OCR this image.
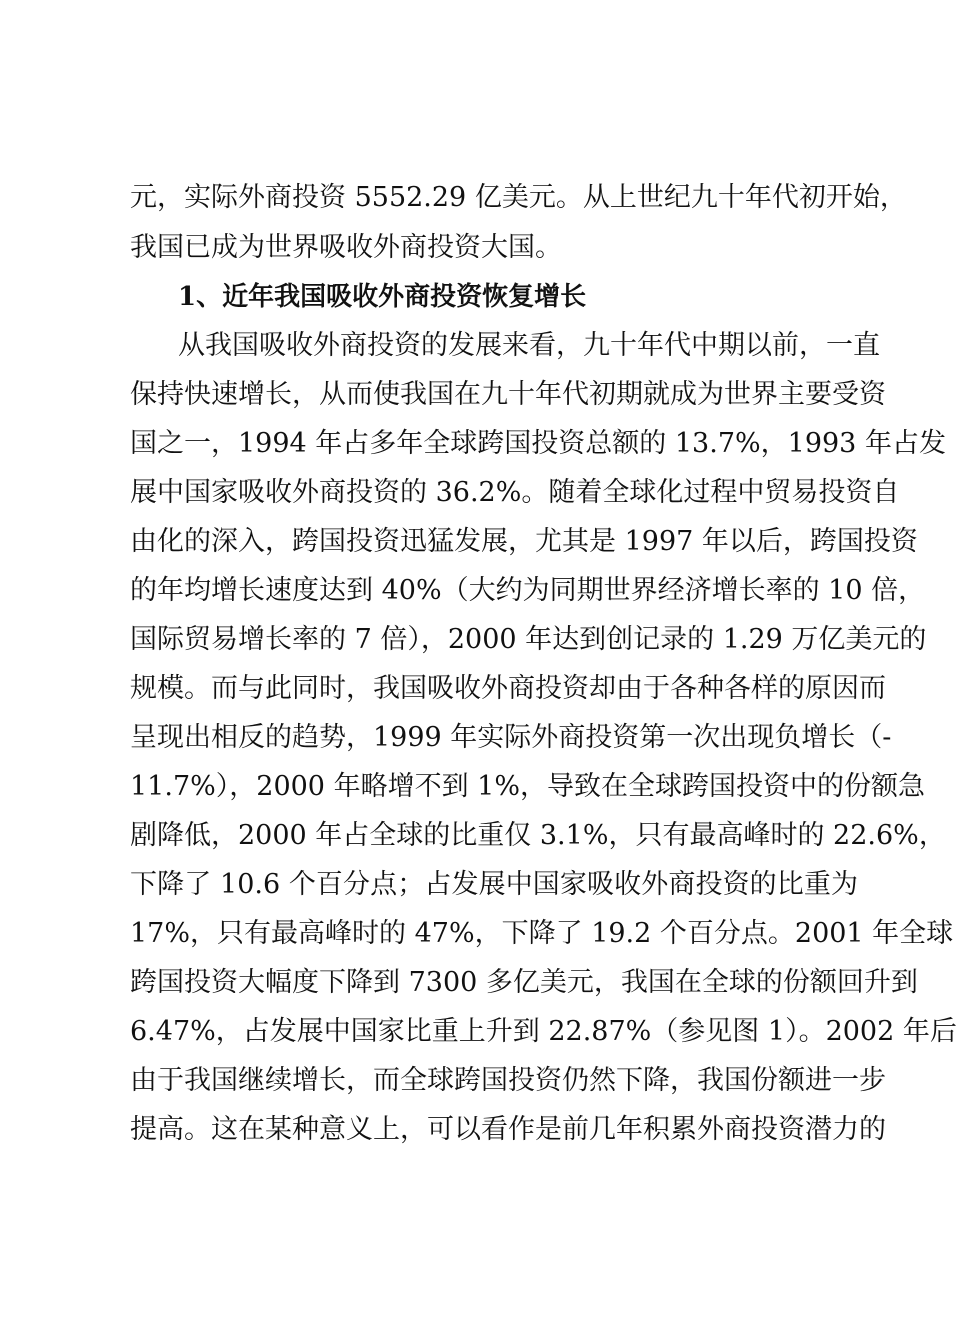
元，实际外商投资 5552.29 亿美元。从上世纪九十年代初开始，
我国已成为世界吸收外商投资大国。
1、近年我国吸收外商投资恢复增长
从我国吸收外商投资的发展来看，九十年代中期以前，一直
保持快速增长，从而使我国在九十年代初期就成为世界主要受资
国之一，1994 年占多年全球跨国投资总额的 13.7%，1993 年占发
展中国家吸收外商投资的 36.2%。随着全球化过程中贸易投资自
由化的深入，跨国投资迅猛发展，尤其是 1997 年以后，跨国投资
的年均增长速度达到 40%（大约为同期世界经济增长率的 10 倍，
国际贸易增长率的 7 倍），2000 年达到创记录的 1.29 万亿美元的
规模。而与此同时，我国吸收外商投资却由于各种各样的原因而
呈现出相反的趋势，1999 年实际外商投资第一次出现负增长（-
11.7%），2000 年略增不到 1%，导致在全球跨国投资中的份额急
剧降低，2000 年占全球的比重仅 3.1%，只有最高峰时的 22.6%，
下降了 10.6 个百分点；占发展中国家吸收外商投资的比重为
17%，只有最高峰时的 47%，下降了 19.2 个百分点。2001 年全球
跨国投资大幅度下降到 7300 多亿美元，我国在全球的份额回升到
6.47%，占发展中国家比重上升到 22.87%（参见图 1）。2002 年后
由于我国继续增长，而全球跨国投资仍然下降，我国份额进一步
提高。这在某种意义上，可以看作是前几年积累外商投资潜力的
